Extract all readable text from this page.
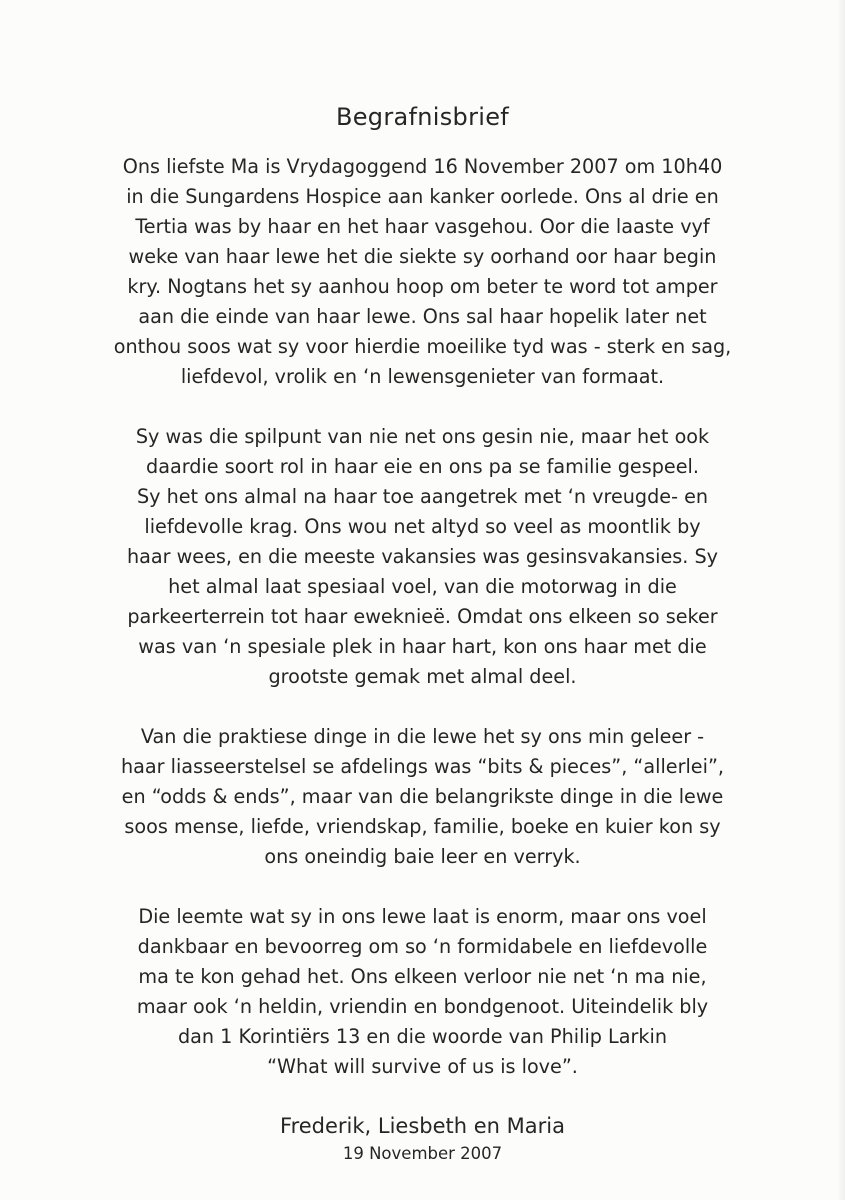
Begrafnisbrief
Ons liefste Ma is Vrydagoggend 16 November 2007 om 10h40
in die Sungardens Hospice aan kanker oorlede. Ons al drie en
Tertia was by haar en het haar vasgehou. Oor die laaste vyf
weke van haar lewe het die siekte sy oorhand oor haar begin
kry. Nogtans het sy aanhou hoop om beter te word tot amper
aan die einde van haar lewe. Ons sal haar hopelik later net
onthou soos wat sy voor hierdie moeilike tyd was - sterk en sag,
liefdevol, vrolik en ‘n lewensgenieter van formaat.
Sy was die spilpunt van nie net ons gesin nie, maar het ook
daardie soort rol in haar eie en ons pa se familie gespeel.
Sy het ons almal na haar toe aangetrek met ‘n vreugde- en
liefdevolle krag. Ons wou net altyd so veel as moontlik by
haar wees, en die meeste vakansies was gesinsvakansies. Sy
het almal laat spesiaal voel, van die motorwag in die
parkeerterrein tot haar eweknieë. Omdat ons elkeen so seker
was van ‘n spesiale plek in haar hart, kon ons haar met die
grootste gemak met almal deel.
Van die praktiese dinge in die lewe het sy ons min geleer -
haar liasseerstelsel se afdelings was “bits & pieces”, “allerlei”,
en “odds & ends”, maar van die belangrikste dinge in die lewe
soos mense, liefde, vriendskap, familie, boeke en kuier kon sy
ons oneindig baie leer en verryk.
Die leemte wat sy in ons lewe laat is enorm, maar ons voel
dankbaar en bevoorreg om so ‘n formidabele en liefdevolle
ma te kon gehad het. Ons elkeen verloor nie net ‘n ma nie,
maar ook ‘n heldin, vriendin en bondgenoot. Uiteindelik bly
dan 1 Korintiërs 13 en die woorde van Philip Larkin
“What will survive of us is love”.
Frederik, Liesbeth en Maria
19 November 2007
